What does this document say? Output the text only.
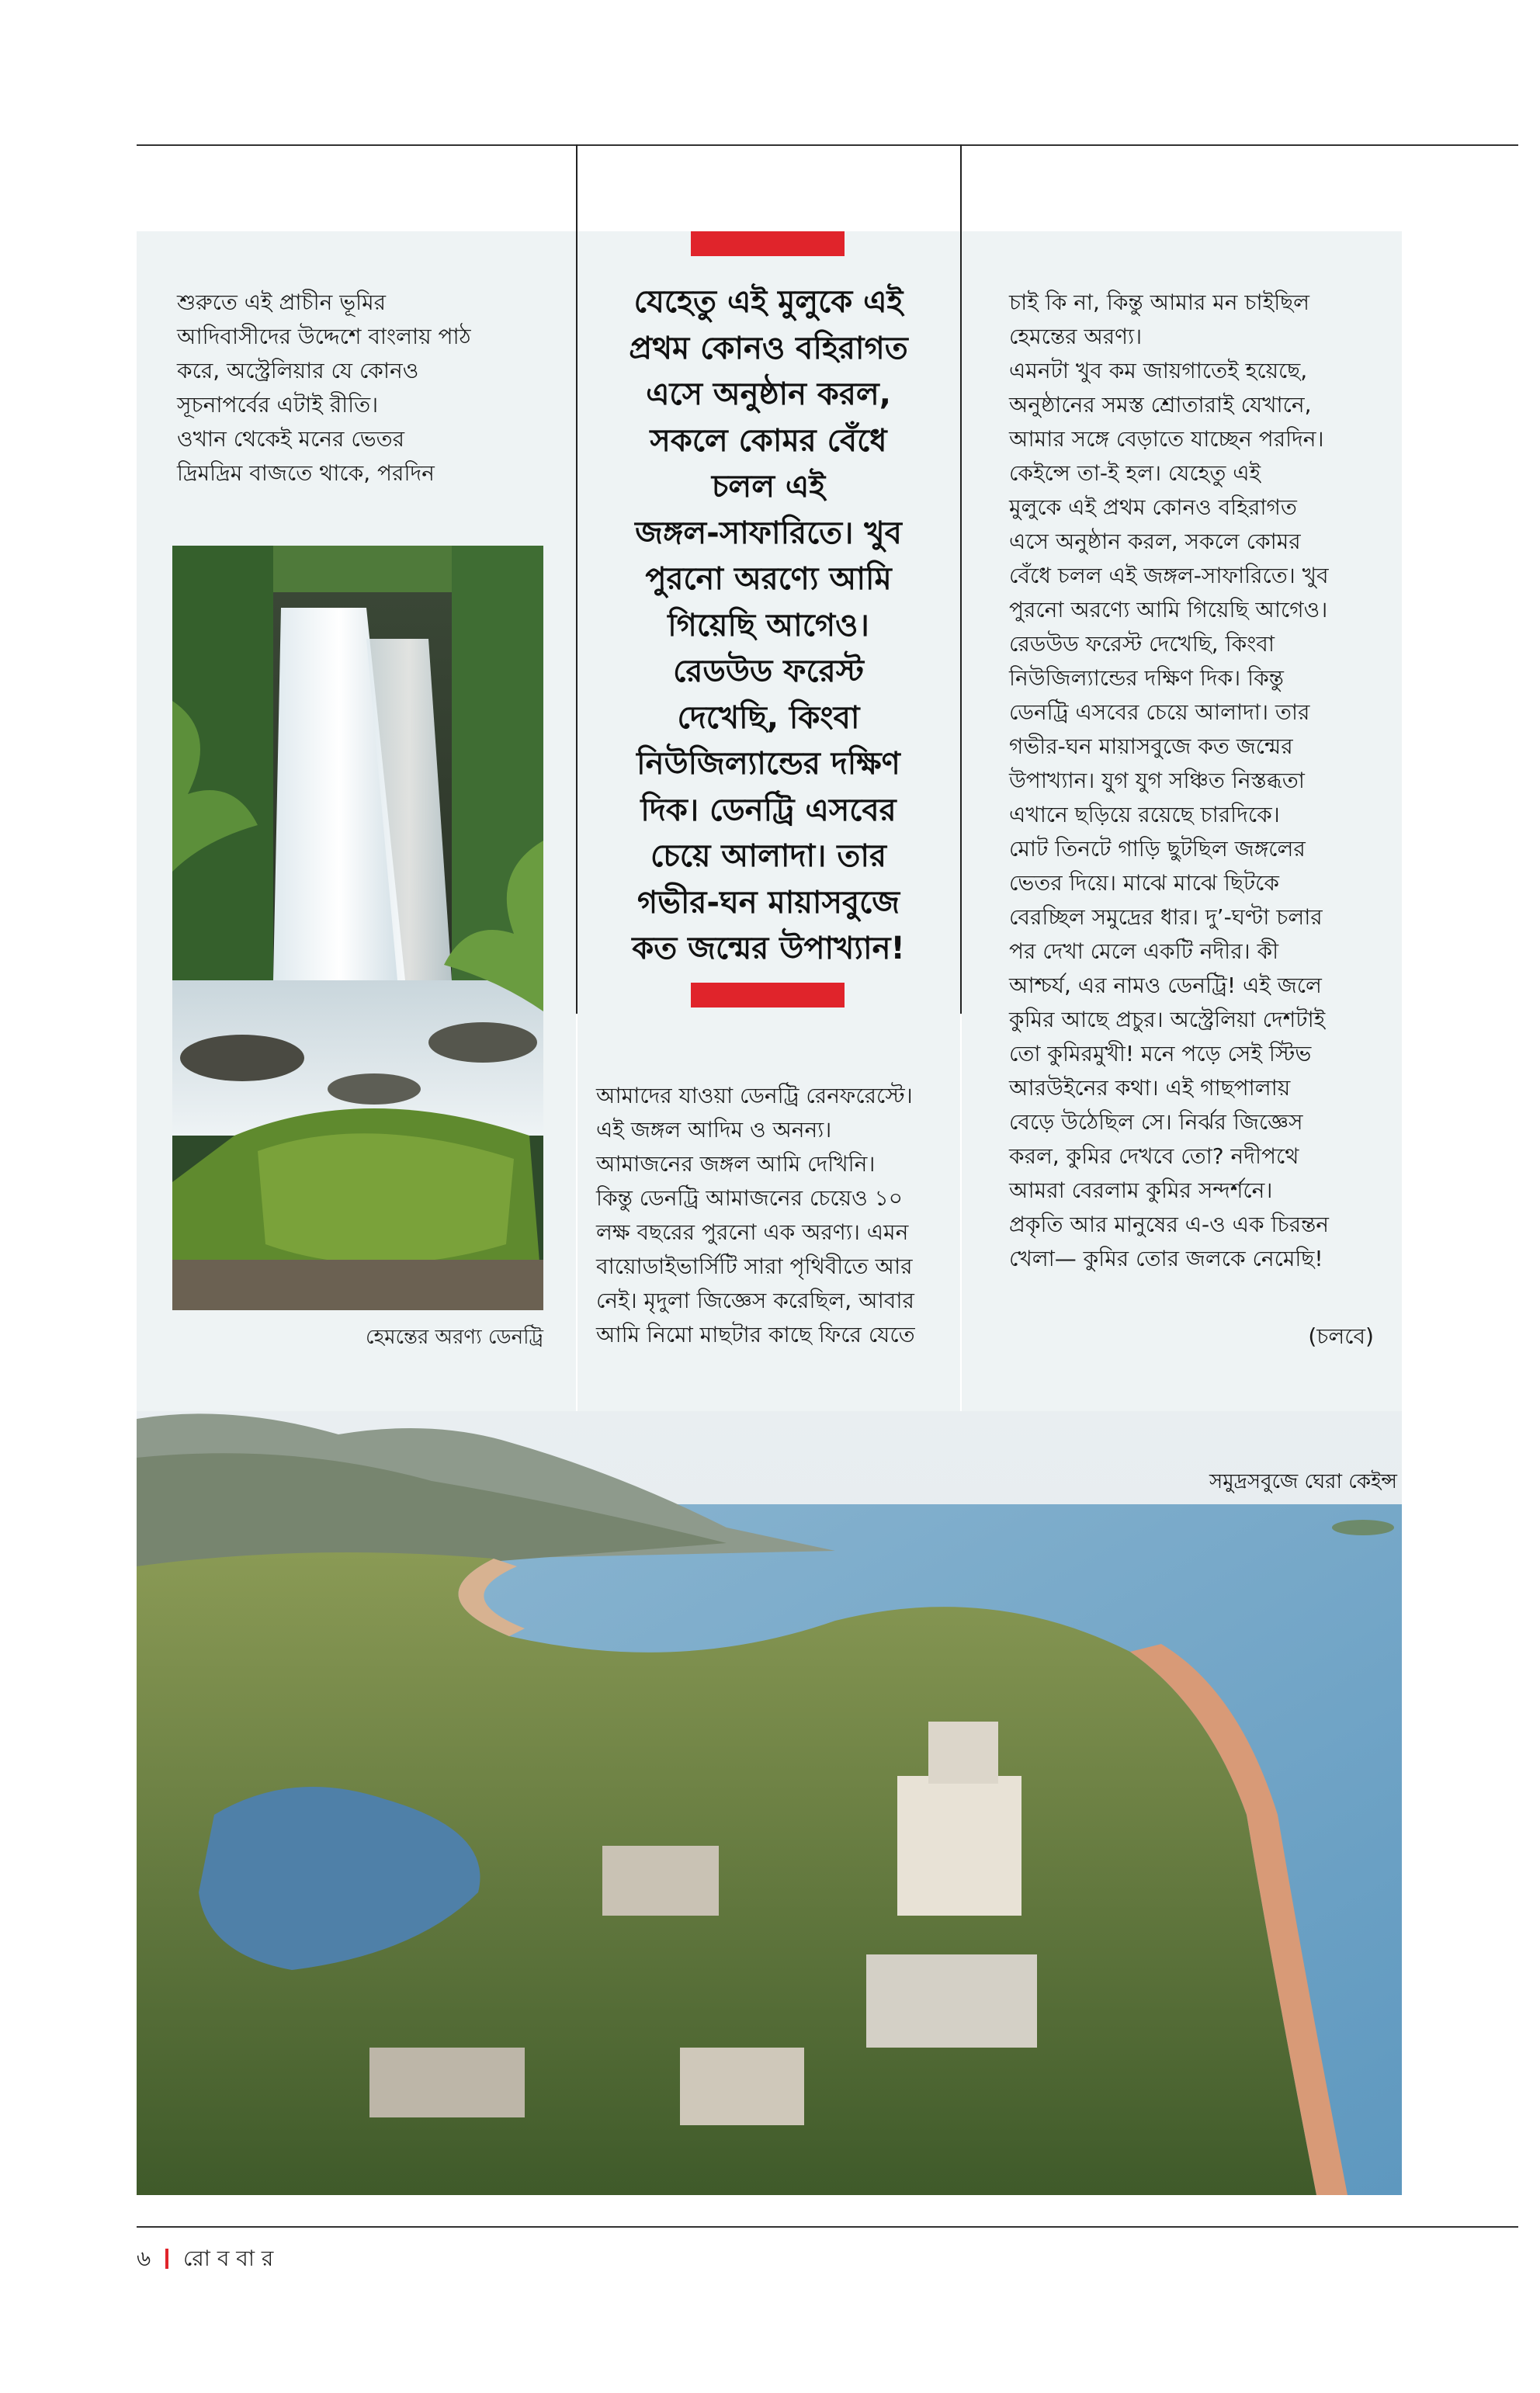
শুরুতে এই প্রাচীন ভূমির
আদিবাসীদের উদ্দেশে বাংলায় পাঠ
করে, অস্ট্রেলিয়ার যে কোনও
সূচনাপর্বের এটাই রীতি।
ওখান থেকেই মনের ভেতর
দ্রিমদ্রিম বাজতে থাকে, পরদিন
হেমন্তের অরণ্য ডেনট্রি
যেহেতু এই মুলুকে এই
প্রথম কোনও বহিরাগত
এসে অনুষ্ঠান করল,
সকলে কোমর বেঁধে
চলল এই
জঙ্গল-সাফারিতে। খুব
পুরনো অরণ্যে আমি
গিয়েছি আগেও।
রেডউড ফরেস্ট
দেখেছি, কিংবা
নিউজিল্যান্ডের দক্ষিণ
দিক। ডেনট্রি এসবের
চেয়ে আলাদা। তার
গভীর-ঘন মায়াসবুজে
কত জন্মের উপাখ্যান!
আমাদের যাওয়া ডেনট্রি রেনফরেস্টে।
এই জঙ্গল আদিম ও অনন্য।
আমাজনের জঙ্গল আমি দেখিনি।
কিন্তু ডেনট্রি আমাজনের চেয়েও ১০
লক্ষ বছরের পুরনো এক অরণ্য। এমন
বায়োডাইভার্সিটি সারা পৃথিবীতে আর
নেই। মৃদুলা জিজ্ঞেস করেছিল, আবার
আমি নিমো মাছটার কাছে ফিরে যেতে
চাই কি না, কিন্তু আমার মন চাইছিল
হেমন্তের অরণ্য।
এমনটা খুব কম জায়গাতেই হয়েছে,
অনুষ্ঠানের সমস্ত শ্রোতারাই যেখানে,
আমার সঙ্গে বেড়াতে যাচ্ছেন পরদিন।
কেইন্সে তা-ই হল। যেহেতু এই
মুলুকে এই প্রথম কোনও বহিরাগত
এসে অনুষ্ঠান করল, সকলে কোমর
বেঁধে চলল এই জঙ্গল-সাফারিতে। খুব
পুরনো অরণ্যে আমি গিয়েছি আগেও।
রেডউড ফরেস্ট দেখেছি, কিংবা
নিউজিল্যান্ডের দক্ষিণ দিক। কিন্তু
ডেনট্রি এসবের চেয়ে আলাদা। তার
গভীর-ঘন মায়াসবুজে কত জন্মের
উপাখ্যান। যুগ যুগ সঞ্চিত নিস্তব্ধতা
এখানে ছড়িয়ে রয়েছে চারদিকে।
মোট তিনটে গাড়ি ছুটছিল জঙ্গলের
ভেতর দিয়ে। মাঝে মাঝে ছিটকে
বেরচ্ছিল সমুদ্রের ধার। দু’-ঘণ্টা চলার
পর দেখা মেলে একটি নদীর। কী
আশ্চর্য, এর নামও ডেনট্রি! এই জলে
কুমির আছে প্রচুর। অস্ট্রেলিয়া দেশটাই
তো কুমিরমুখী! মনে পড়ে সেই স্টিভ
আরউইনের কথা। এই গাছপালায়
বেড়ে উঠেছিল সে। নির্ঝর জিজ্ঞেস
করল, কুমির দেখবে তো? নদীপথে
আমরা বেরলাম কুমির সন্দর্শনে।
প্রকৃতি আর মানুষের এ-ও এক চিরন্তন
খেলা— কুমির তোর জলকে নেমেছি!
(চলবে)
সমুদ্রসবুজে ঘেরা কেইন্স
৬ রো ব বা র
